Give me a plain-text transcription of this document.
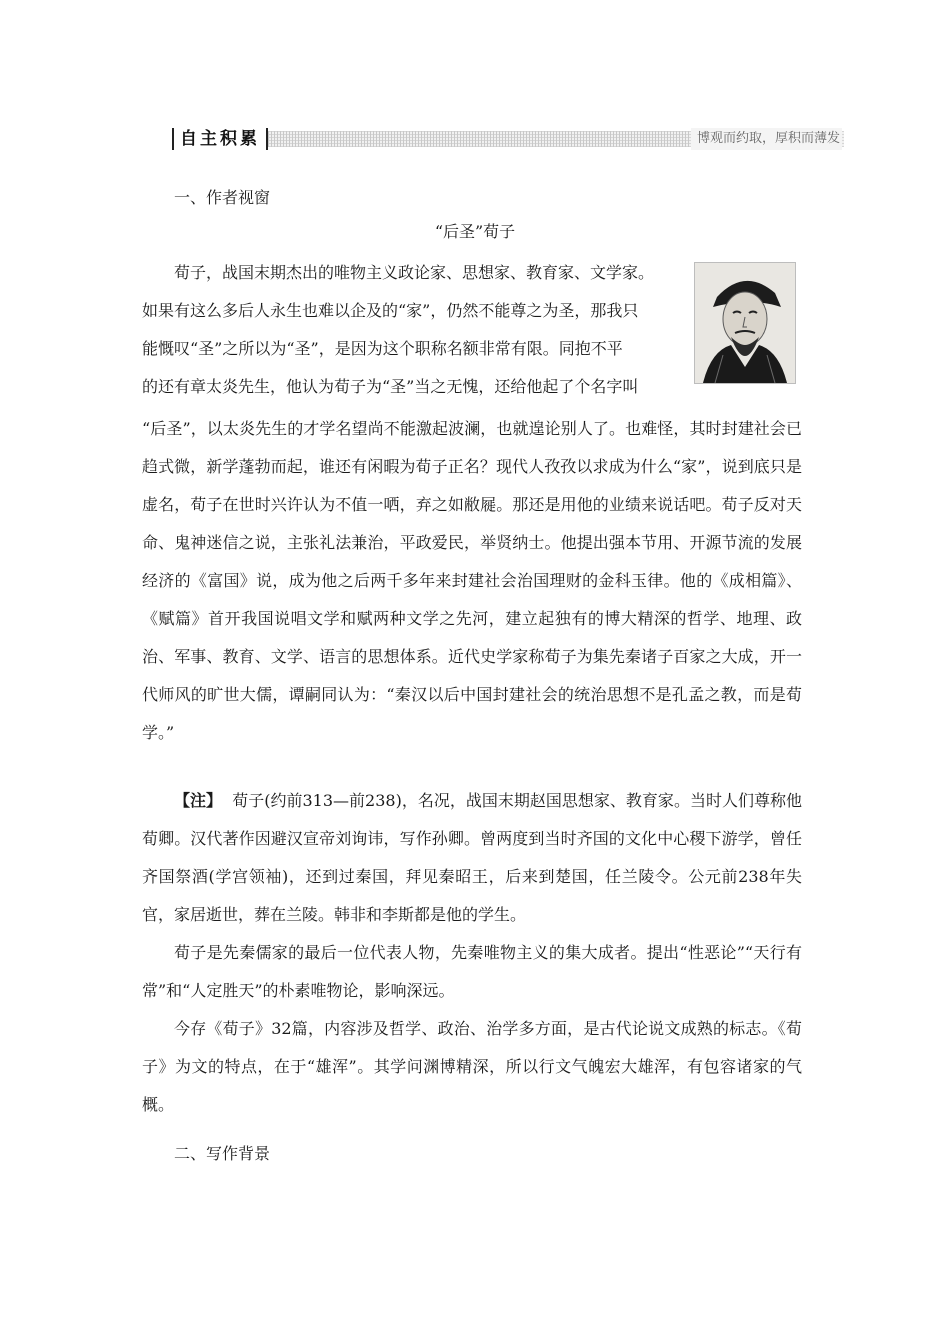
自主积累	博观而约取，厚积而薄发
一、作者视窗
“后圣”荀子

荀子，战国末期杰出的唯物主义政论家、思想家、教育家、文学家。

如果有这么多后人永生也难以企及的“家”，仍然不能尊之为圣，那我只

能慨叹“圣”之所以为“圣”，是因为这个职称名额非常有限。同抱不平

的还有章太炎先生，他认为荀子为“圣”当之无愧，还给他起了个名字叫

“后圣”，以太炎先生的才学名望尚不能激起波澜，也就遑论别人了。也难怪，其时封建社会已趋式微，新学蓬勃而起，谁还有闲暇为荀子正名？现代人孜孜以求成为什么“家”，说到底只是虚名，荀子在世时兴许认为不值一哂，弃之如敝屣。那还是用他的业绩来说话吧。荀子反对天命、鬼神迷信之说，主张礼法兼治，平政爱民，举贤纳士。他提出强本节用、开源节流的发展经济的《富国》说，成为他之后两千多年来封建社会治国理财的金科玉律。他的《成相篇》、《赋篇》首开我国说唱文学和赋两种文学之先河，建立起独有的博大精深的哲学、地理、政治、军事、教育、文学、语言的思想体系。近代史学家称荀子为集先秦诸子百家之大成，开一代师风的旷世大儒，谭嗣同认为：“秦汉以后中国封建社会的统治思想不是孔孟之教，而是荀学。”

【注】 荀子(约前313—前238)，名况，战国末期赵国思想家、教育家。当时人们尊称他荀卿。汉代著作因避汉宣帝刘询讳，写作孙卿。曾两度到当时齐国的文化中心稷下游学，曾任齐国祭酒(学宫领袖)，还到过秦国，拜见秦昭王，后来到楚国，任兰陵令。公元前238年失官，家居逝世，葬在兰陵。韩非和李斯都是他的学生。

荀子是先秦儒家的最后一位代表人物，先秦唯物主义的集大成者。提出“性恶论”“天行有常”和“人定胜天”的朴素唯物论，影响深远。

今存《荀子》32篇，内容涉及哲学、政治、治学多方面，是古代论说文成熟的标志。《荀子》为文的特点，在于“雄浑”。其学问渊博精深，所以行文气魄宏大雄浑，有包容诸家的气概。

二、写作背景
